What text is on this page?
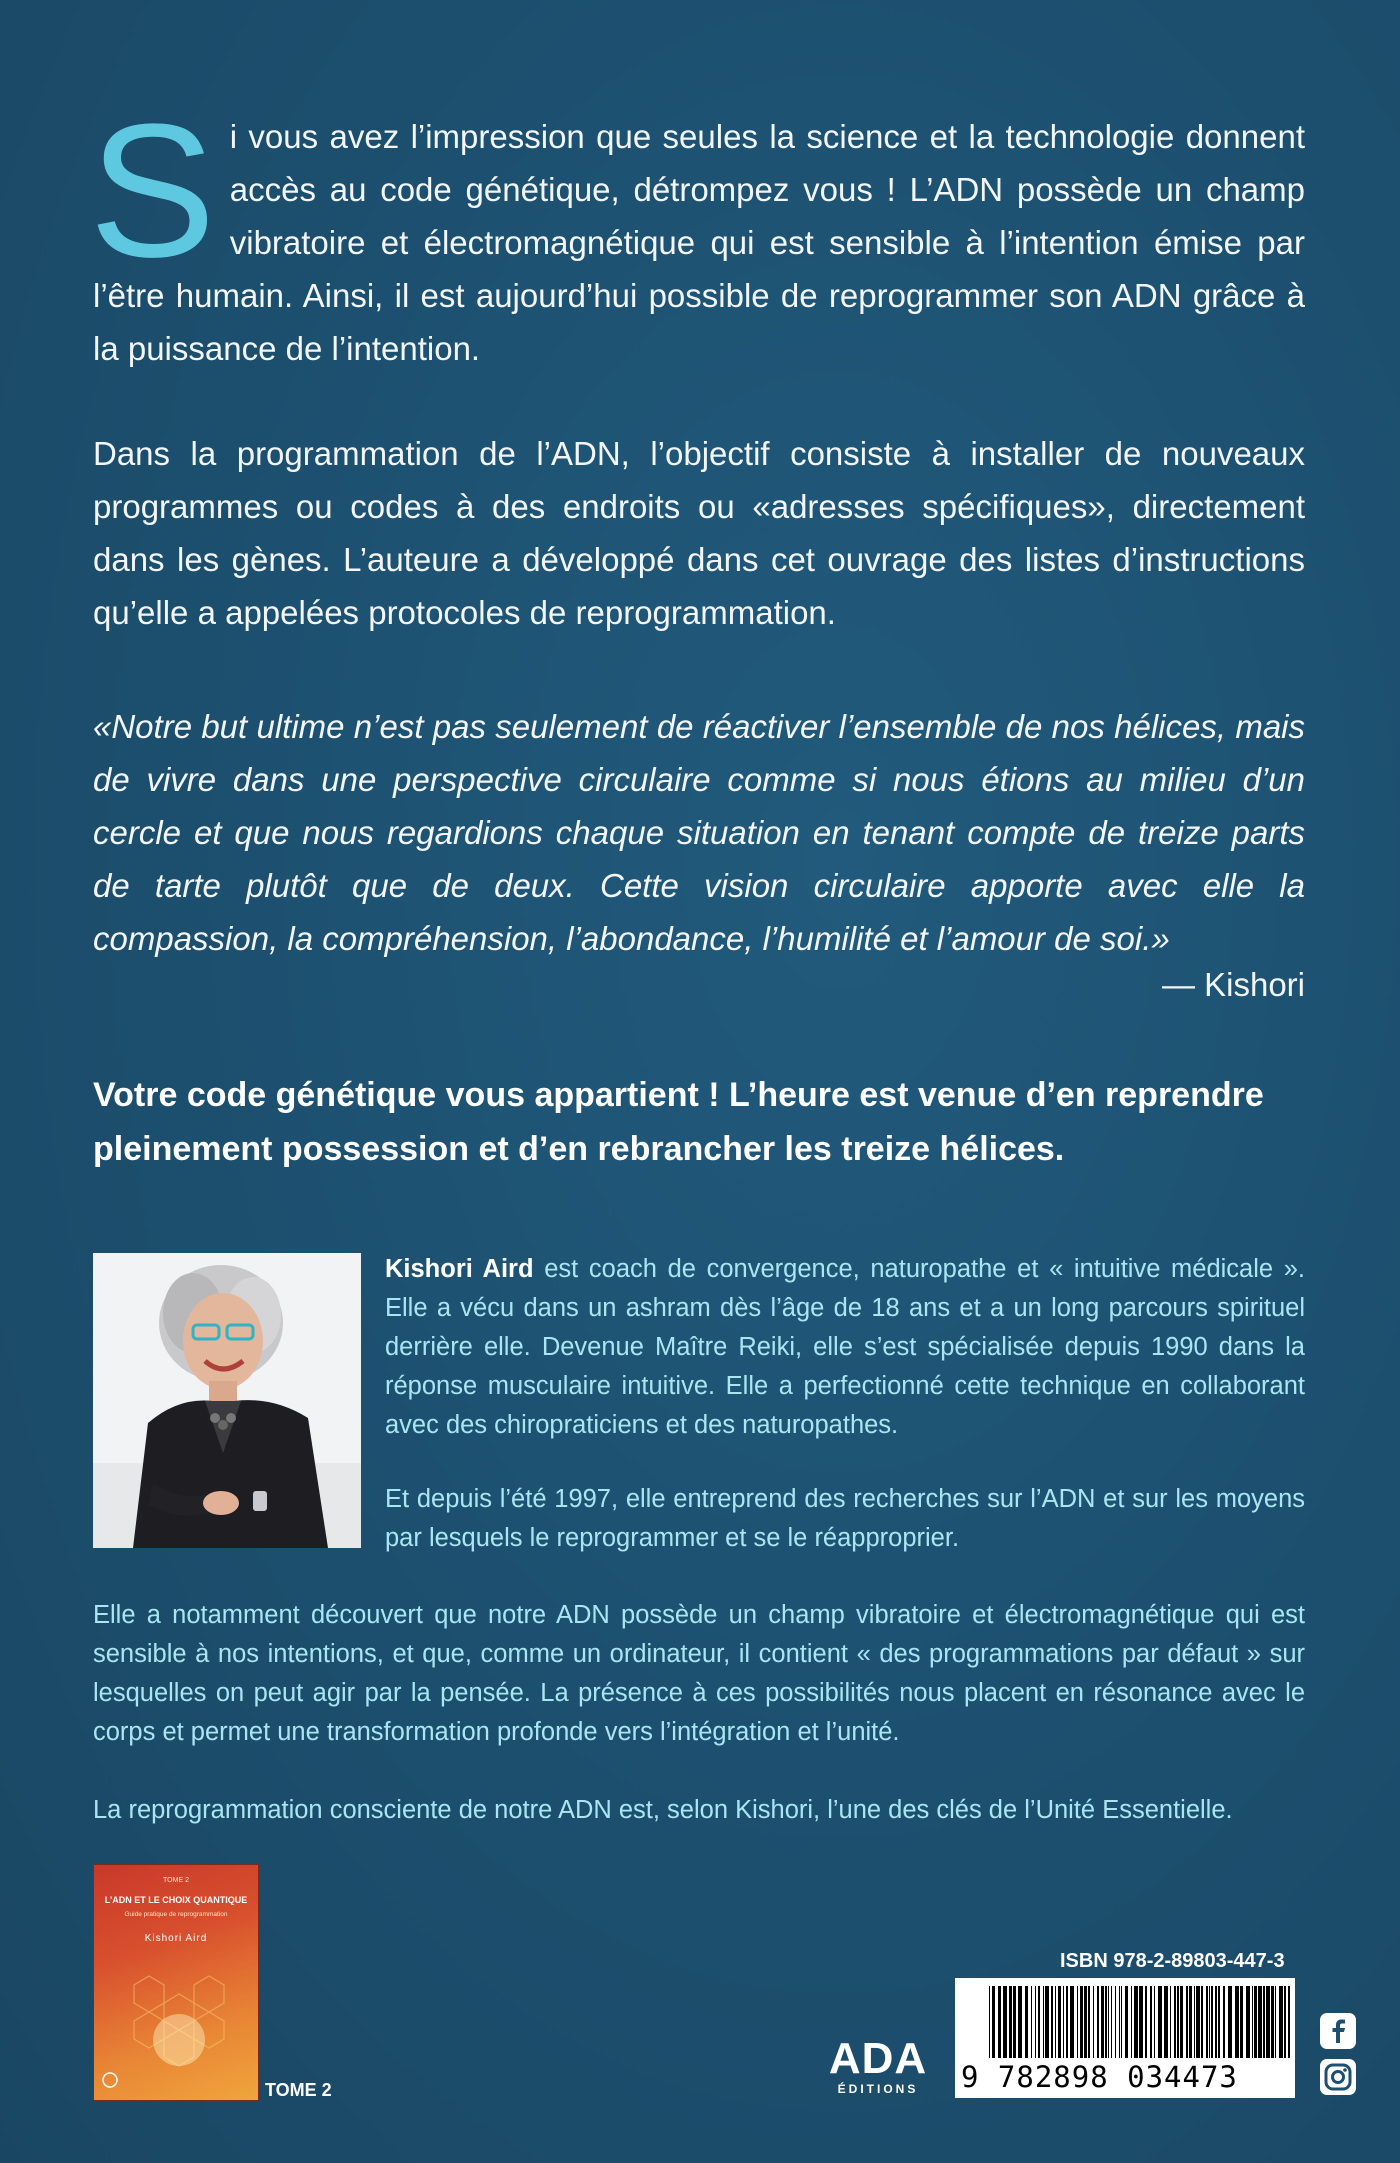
S i vous avez l’impression que seules la science et la technologie donnent accès au code génétique, détrompez vous ! L’ADN possède un champ vibratoire et électromagnétique qui est sensible à l’intention émise par l’être humain. Ainsi, il est aujourd’hui possible de reprogrammer son ADN grâce à la puissance de l’intention.

Dans la programmation de l’ADN, l’objectif consiste à installer de nouveaux programmes ou codes à des endroits ou «adresses spécifiques», directement dans les gènes. L’auteure a développé dans cet ouvrage des listes d’instructions qu’elle a appelées protocoles de reprogrammation.

«Notre but ultime n’est pas seulement de réactiver l’ensemble de nos hélices, mais de vivre dans une perspective circulaire comme si nous étions au milieu d’un cercle et que nous regardions chaque situation en tenant compte de treize parts de tarte plutôt que de deux. Cette vision circulaire apporte avec elle la compassion, la compréhension, l’abondance, l’humilité et l’amour de soi.»

— Kishori

Votre code génétique vous appartient ! L’heure est venue d’en reprendre pleinement possession et d’en rebrancher les treize hélices.

Kishori Aird est coach de convergence, naturopathe et « intuitive médicale ». Elle a vécu dans un ashram dès l’âge de 18 ans et a un long parcours spirituel derrière elle. Devenue Maître Reiki, elle s’est spécialisée depuis 1990 dans la réponse musculaire intuitive. Elle a perfectionné cette technique en collaborant avec des chiropraticiens et des naturopathes.

Et depuis l’été 1997, elle entreprend des recherches sur l’ADN et sur les moyens par lesquels le reprogrammer et se le réapproprier.

Elle a notamment découvert que notre ADN possède un champ vibratoire et électromagnétique qui est sensible à nos intentions, et que, comme un ordinateur, il contient « des programmations par défaut » sur lesquelles on peut agir par la pensée. La présence à ces possibilités nous placent en résonance avec le corps et permet une transformation profonde vers l’intégration et l’unité.

La reprogrammation consciente de notre ADN est, selon Kishori, l’une des clés de l’Unité Essentielle.

TOME 2
L’ADN ET LE CHOIX QUANTIQUE
Guide pratique de reprogrammation
Kishori Aird
TOME 2
ADA
ÉDITIONS
ISBN 978-2-89803-447-3
9 782898 034473
